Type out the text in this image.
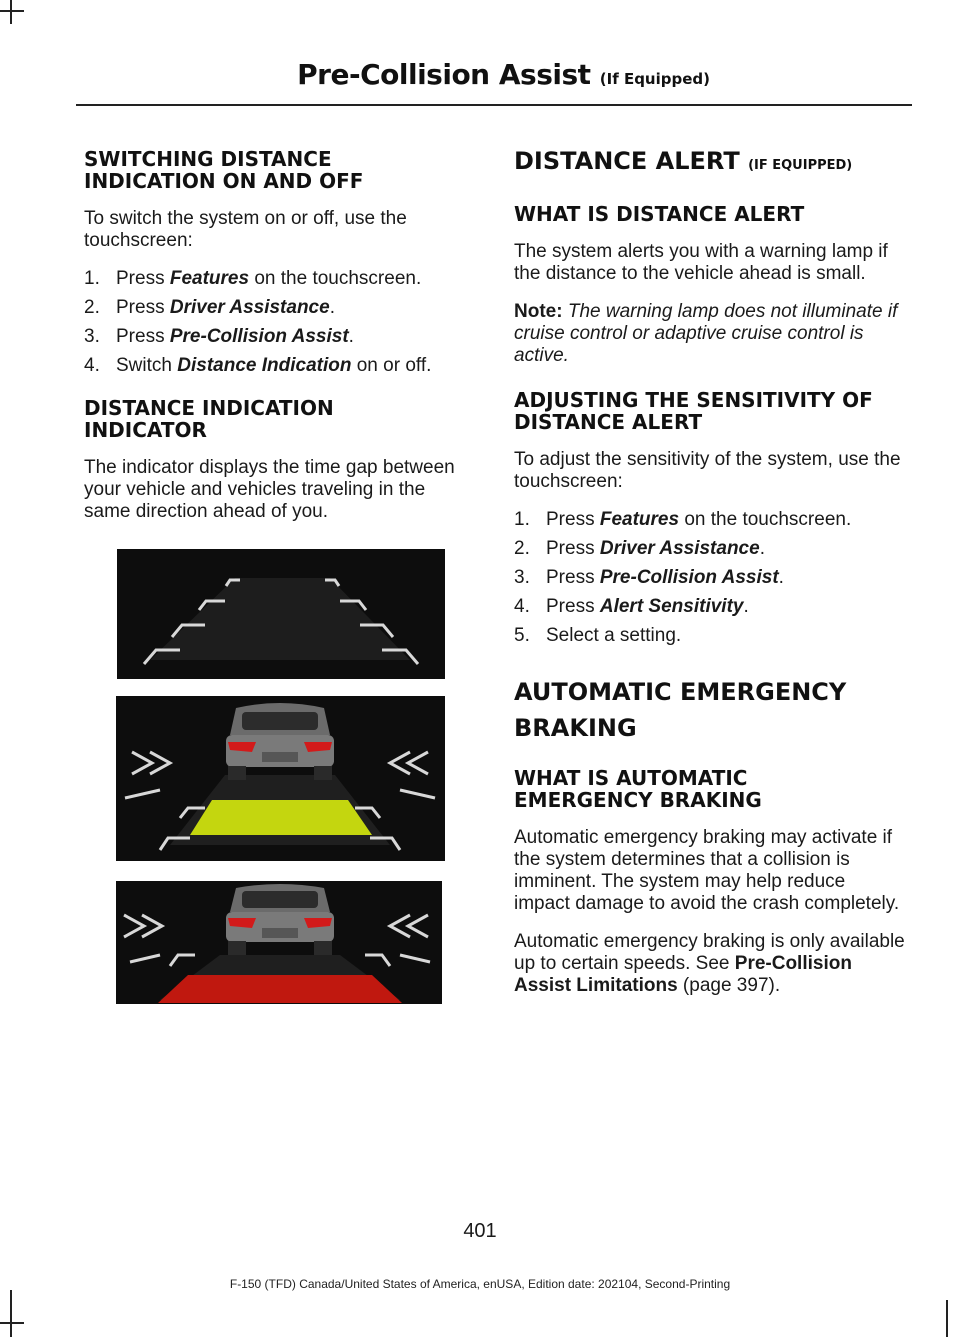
Pre-Collision Assist (If Equipped)
SWITCHING DISTANCE INDICATION ON AND OFF

To switch the system on or off, use the touchscreen:

1. Press Features on the touchscreen.
2. Press Driver Assistance.
3. Press Pre-Collision Assist.
4. Switch Distance Indication on or off.
DISTANCE INDICATION INDICATOR

The indicator displays the time gap between your vehicle and vehicles traveling in the same direction ahead of you.

DISTANCE ALERT (IF EQUIPPED)
WHAT IS DISTANCE ALERT

The system alerts you with a warning lamp if the distance to the vehicle ahead is small.

Note: The warning lamp does not illuminate if cruise control or adaptive cruise control is active.

ADJUSTING THE SENSITIVITY OF DISTANCE ALERT

To adjust the sensitivity of the system, use the touchscreen:

1. Press Features on the touchscreen.
2. Press Driver Assistance.
3. Press Pre-Collision Assist.
4. Press Alert Sensitivity.
5. Select a setting.
AUTOMATIC EMERGENCY
BRAKING
WHAT IS AUTOMATIC EMERGENCY BRAKING

Automatic emergency braking may activate if the system determines that a collision is imminent. The system may help reduce impact damage to avoid the crash completely.

Automatic emergency braking is only available up to certain speeds. See Pre-Collision Assist Limitations (page 397).

401
F-150 (TFD) Canada/United States of America, enUSA, Edition date: 202104, Second-Printing
